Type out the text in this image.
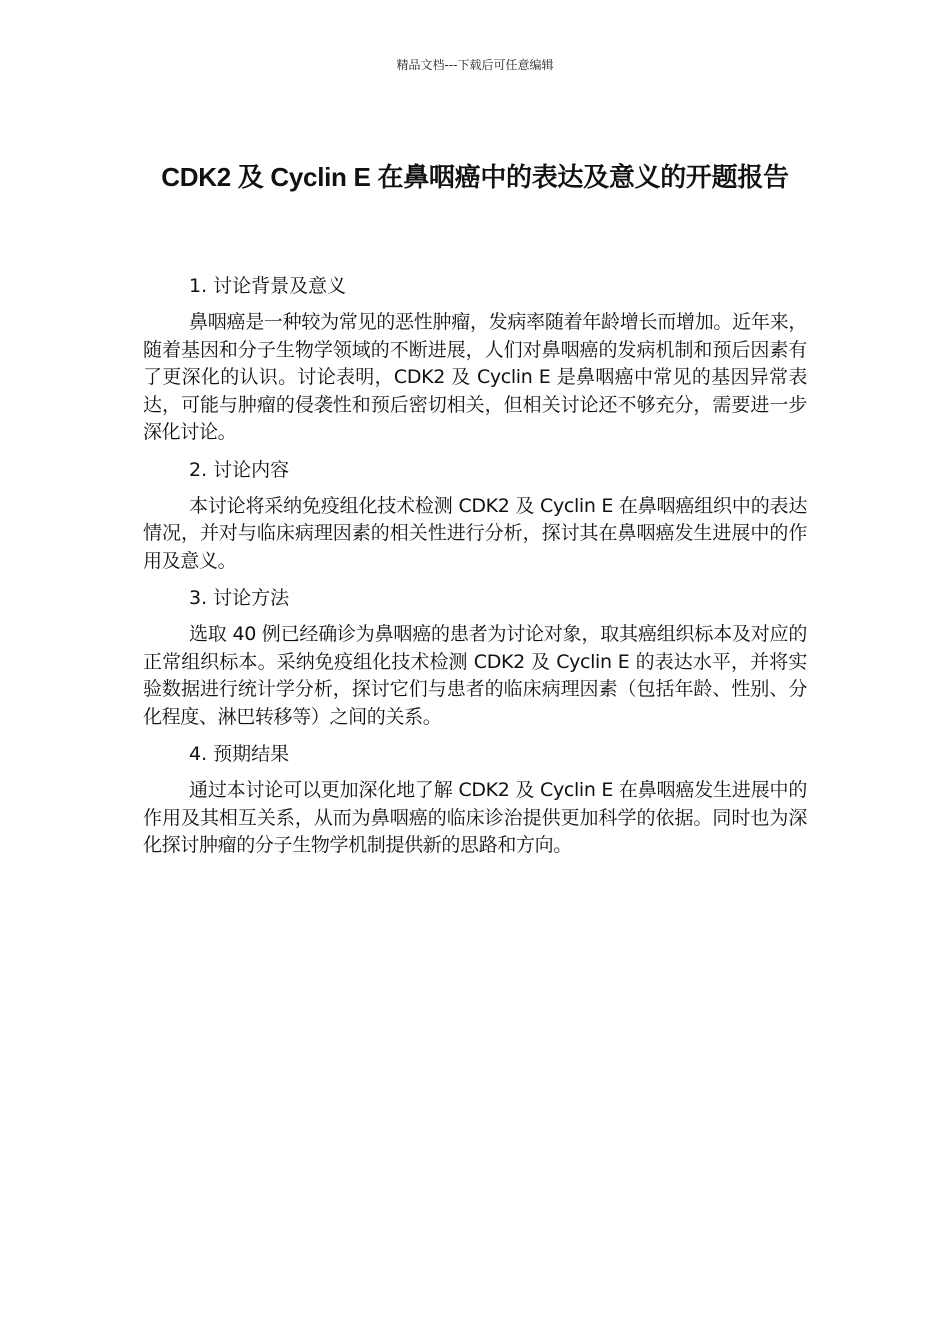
精品文档---下载后可任意编辑
CDK2 及 Cyclin E 在鼻咽癌中的表达及意义的开题报告

1. 讨论背景及意义

鼻咽癌是一种较为常见的恶性肿瘤，发病率随着年龄增长而增加。近年来，随着基因和分子生物学领域的不断进展，人们对鼻咽癌的发病机制和预后因素有了更深化的认识。讨论表明，CDK2 及 Cyclin E 是鼻咽癌中常见的基因异常表达，可能与肿瘤的侵袭性和预后密切相关，但相关讨论还不够充分，需要进一步深化讨论。

2. 讨论内容

本讨论将采纳免疫组化技术检测 CDK2 及 Cyclin E 在鼻咽癌组织中的表达情况，并对与临床病理因素的相关性进行分析，探讨其在鼻咽癌发生进展中的作用及意义。

3. 讨论方法

选取 40 例已经确诊为鼻咽癌的患者为讨论对象，取其癌组织标本及对应的正常组织标本。采纳免疫组化技术检测 CDK2 及 Cyclin E 的表达水平，并将实验数据进行统计学分析，探讨它们与患者的临床病理因素（包括年龄、性别、分化程度、淋巴转移等）之间的关系。

4. 预期结果

通过本讨论可以更加深化地了解 CDK2 及 Cyclin E 在鼻咽癌发生进展中的作用及其相互关系，从而为鼻咽癌的临床诊治提供更加科学的依据。同时也为深化探讨肿瘤的分子生物学机制提供新的思路和方向。
